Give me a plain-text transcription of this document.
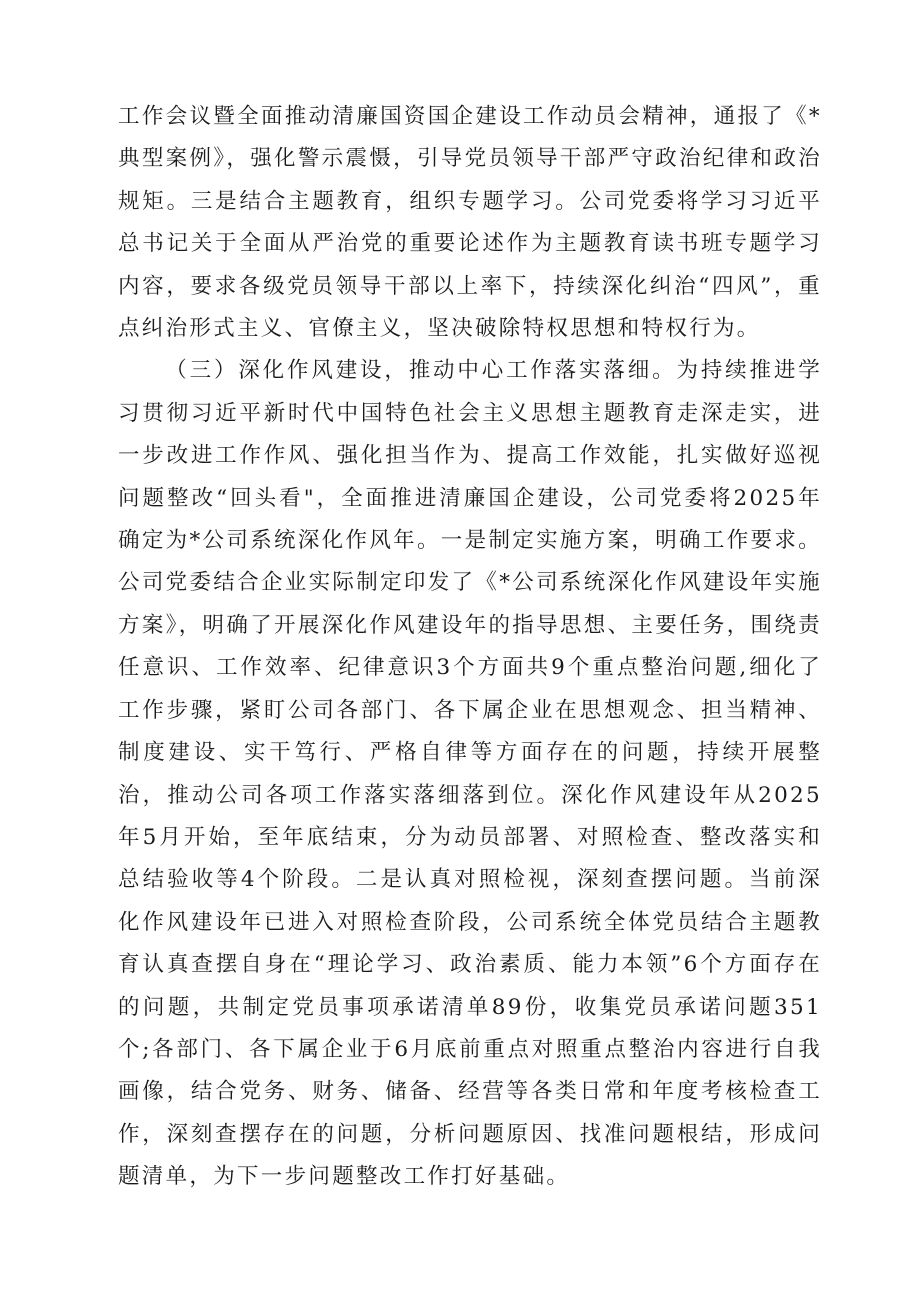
工作会议暨全面推动清廉国资国企建设工作动员会精神，通报了《*典型案例》，强化警示震慑，引导党员领导干部严守政治纪律和政治规矩。三是结合主题教育，组织专题学习。公司党委将学习习近平总书记关于全面从严治党的重要论述作为主题教育读书班专题学习内容，要求各级党员领导干部以上率下，持续深化纠治“四风”，重点纠治形式主义、官僚主义，坚决破除特权思想和特权行为。

（三）深化作风建设，推动中心工作落实落细。为持续推进学习贯彻习近平新时代中国特色社会主义思想主题教育走深走实，进一步改进工作作风、强化担当作为、提高工作效能，扎实做好巡视问题整改“回头看"，全面推进清廉国企建设，公司党委将2025年确定为*公司系统深化作风年。一是制定实施方案，明确工作要求。公司党委结合企业实际制定印发了《*公司系统深化作风建设年实施方案》，明确了开展深化作风建设年的指导思想、主要任务，围绕责任意识、工作效率、纪律意识3个方面共9个重点整治问题,细化了工作步骤，紧盯公司各部门、各下属企业在思想观念、担当精神、制度建设、实干笃行、严格自律等方面存在的问题，持续开展整治，推动公司各项工作落实落细落到位。深化作风建设年从2025年5月开始，至年底结束，分为动员部署、对照检查、整改落实和总结验收等4个阶段。二是认真对照检视，深刻查摆问题。当前深化作风建设年已进入对照检查阶段，公司系统全体党员结合主题教育认真查摆自身在“理论学习、政治素质、能力本领”6个方面存在的问题，共制定党员事项承诺清单89份，收集党员承诺问题351个;各部门、各下属企业于6月底前重点对照重点整治内容进行自我画像，结合党务、财务、储备、经营等各类日常和年度考核检查工作，深刻查摆存在的问题，分析问题原因、找准问题根结，形成问题清单，为下一步问题整改工作打好基础。
